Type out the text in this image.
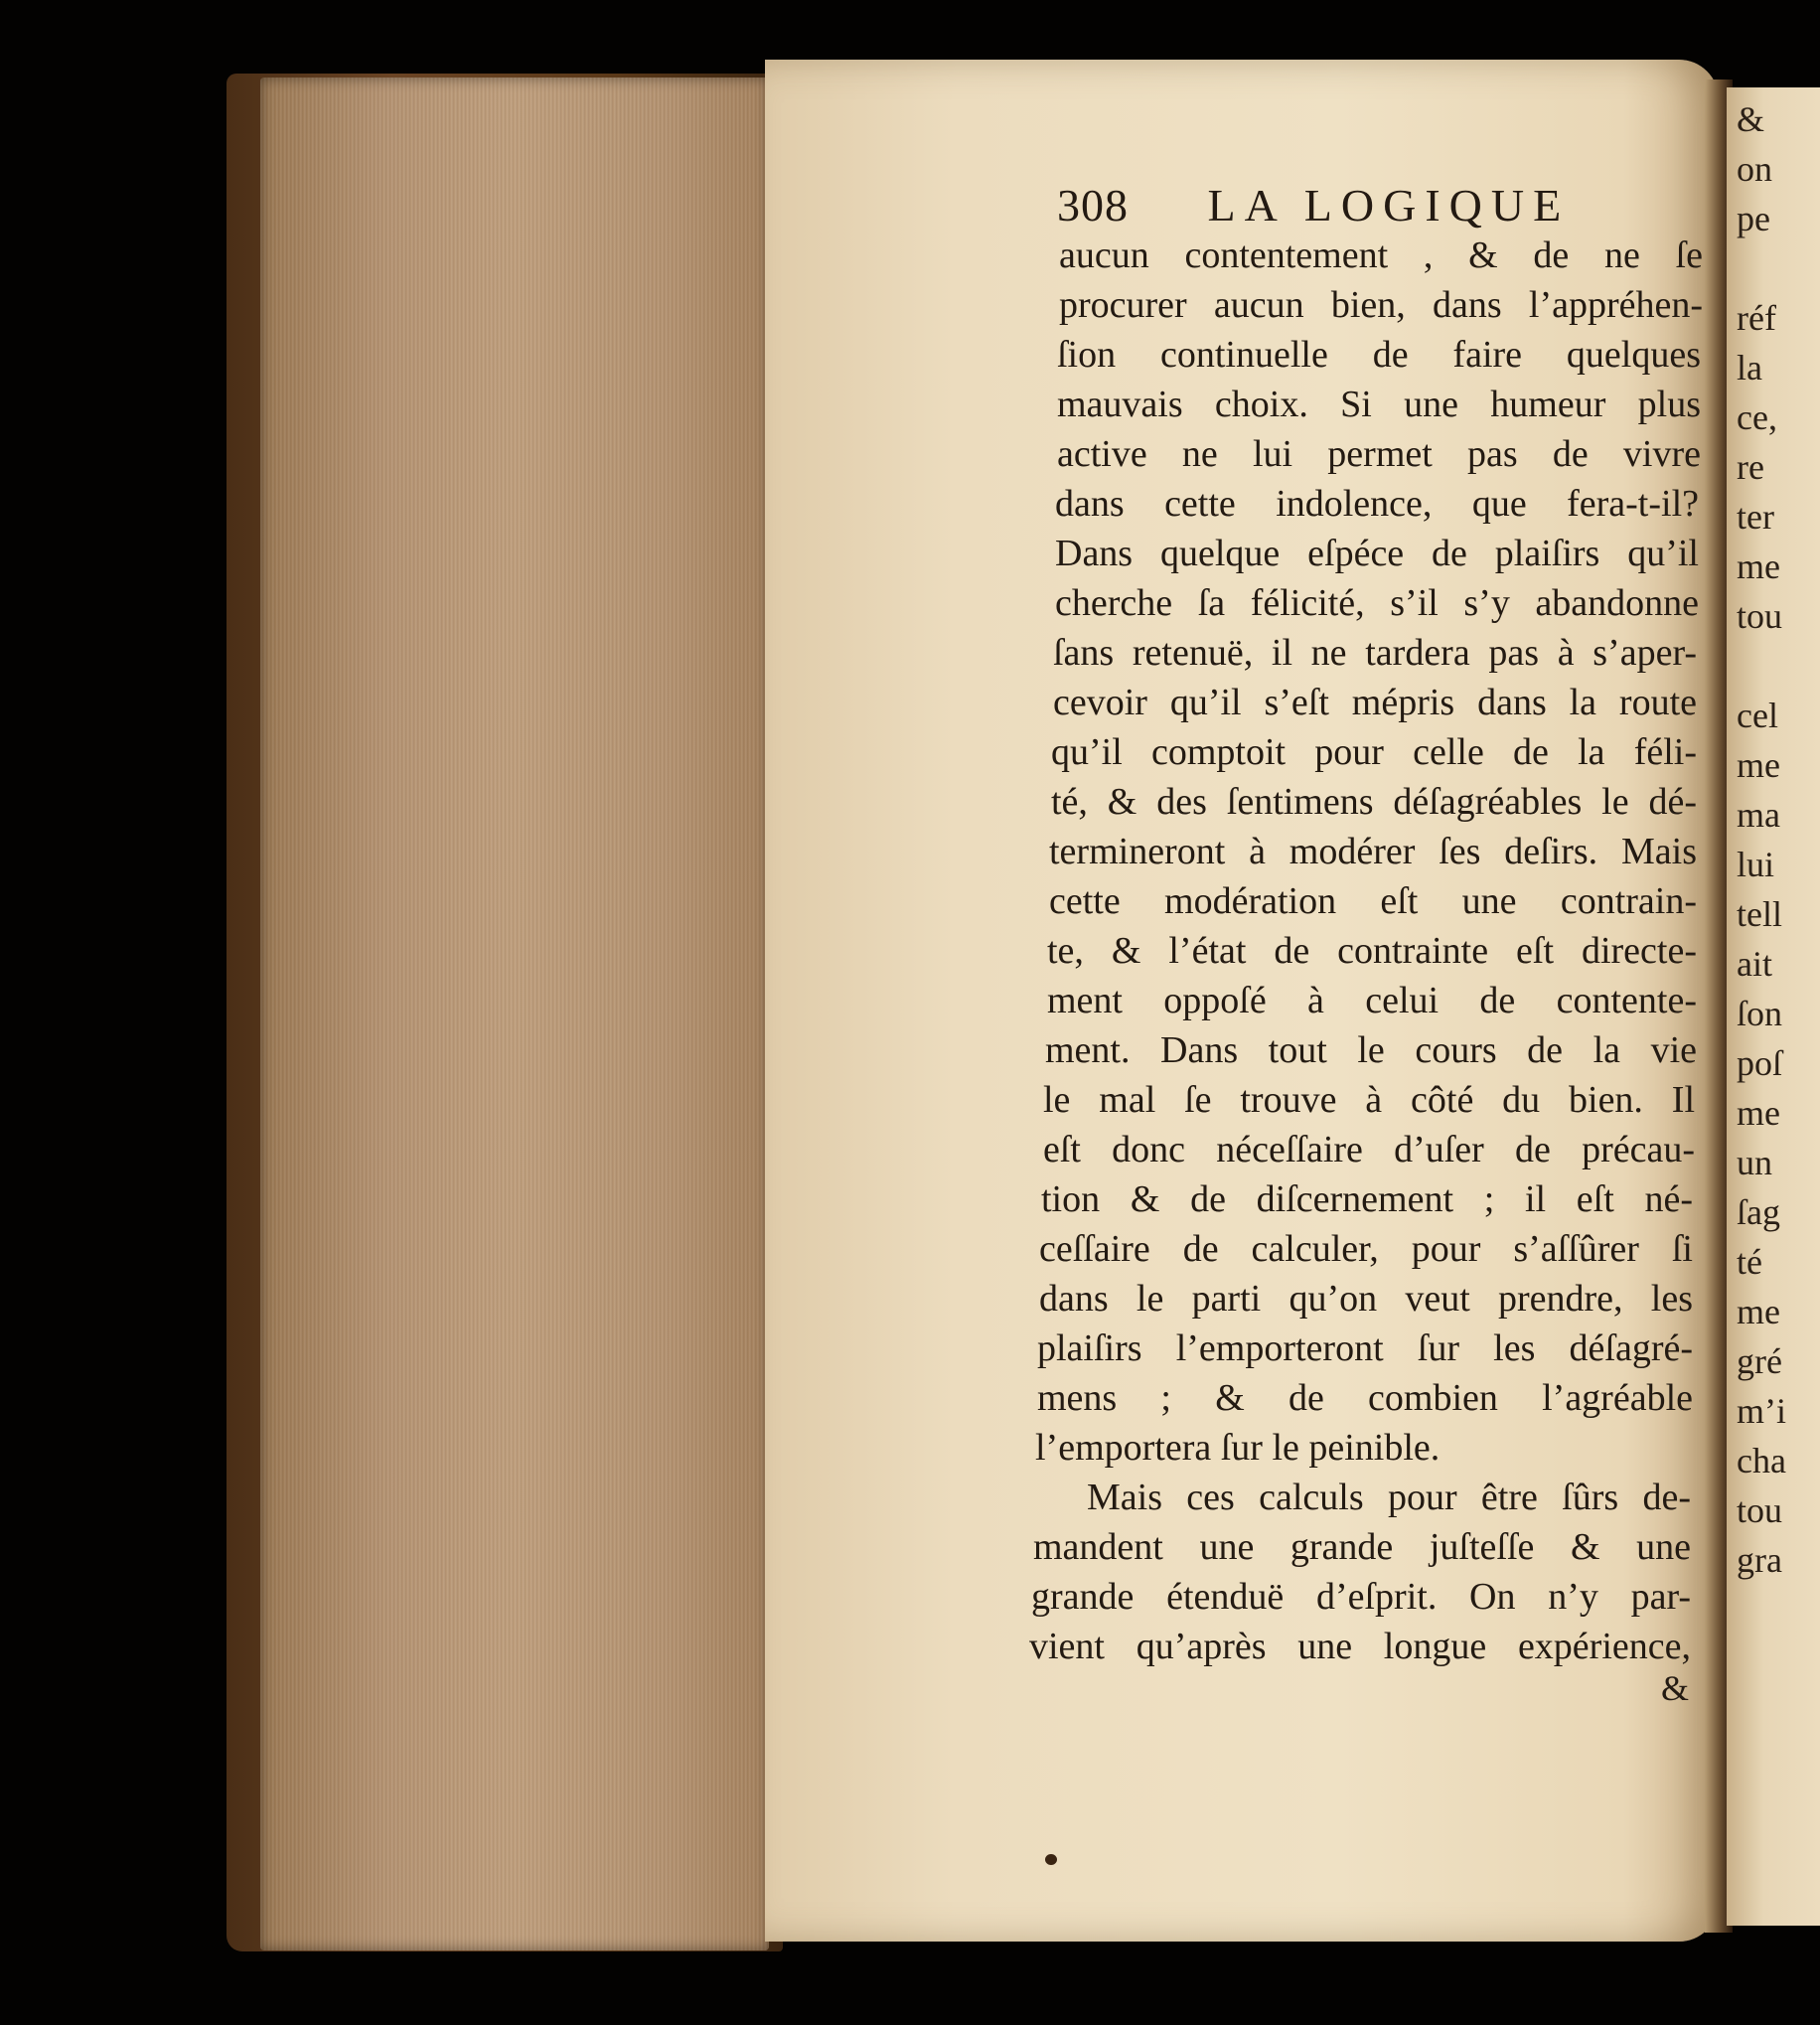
&
on
pe
réf
la
ce,
re
ter
me
tou
cel
me
ma
lui
tell
ait
ſon
poſ
me
un
ſag
té
me
gré
m’i
cha
tou
gra
308 LA LOGIQUE
aucun contentement , & de ne ſe
procurer aucun bien, dans l’appréhen-
ſion continuelle de faire quelques
mauvais choix. Si une humeur plus
active ne lui permet pas de vivre
dans cette indolence, que fera-t-il?
Dans quelque eſpéce de plaiſirs qu’il
cherche ſa félicité, s’il s’y abandonne
ſans retenuë, il ne tardera pas à s’aper-
cevoir qu’il s’eſt mépris dans la route
qu’il comptoit pour celle de la féli-
té, & des ſentimens déſagréables le dé-
termineront à modérer ſes deſirs. Mais
cette modération eſt une contrain-
te, & l’état de contrainte eſt directe-
ment oppoſé à celui de contente-
ment. Dans tout le cours de la vie
le mal ſe trouve à côté du bien. Il
eſt donc néceſſaire d’uſer de précau-
tion & de diſcernement ; il eſt né-
ceſſaire de calculer, pour s’aſſûrer ſi
dans le parti qu’on veut prendre, les
plaiſirs l’emporteront ſur les déſagré-
mens ; & de combien l’agréable
l’emportera ſur le peinible.
Mais ces calculs pour être ſûrs de-
mandent une grande juſteſſe & une
grande étenduë d’eſprit. On n’y par-
vient qu’après une longue expérience,
&
